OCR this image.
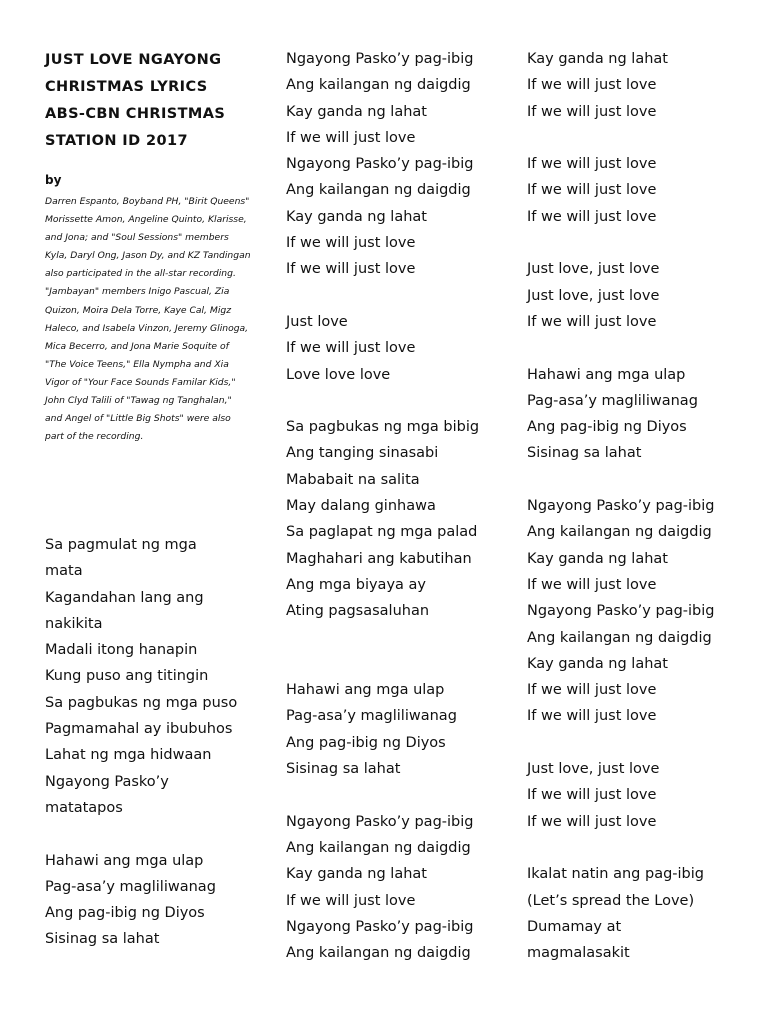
JUST LOVE NGAYONG
CHRISTMAS LYRICS
ABS-CBN CHRISTMAS
STATION ID 2017

by

Darren Espanto, Boyband PH, "Birit Queens" Morissette Amon, Angeline Quinto, Klarisse, and Jona; and "Soul Sessions" members Kyla, Daryl Ong, Jason Dy, and KZ Tandingan also participated in the all-star recording. "Jambayan" members Inigo Pascual, Zia Quizon, Moira Dela Torre, Kaye Cal, Migz Haleco, and Isabela Vinzon, Jeremy Glinoga, Mica Becerro, and Jona Marie Soquite of "The Voice Teens," Ella Nympha and Xia Vigor of "Your Face Sounds Familar Kids," John Clyd Talili of "Tawag ng Tanghalan," and Angel of "Little Big Shots" were also part of the recording.

Sa pagmulat ng mga
mata
Kagandahan lang ang
nakikita
Madali itong hanapin
Kung puso ang titingin
Sa pagbukas ng mga puso
Pagmamahal ay ibubuhos
Lahat ng mga hidwaan
Ngayong Pasko’y
matatapos
Hahawi ang mga ulap
Pag-asa’y magliliwanag
Ang pag-ibig ng Diyos
Sisinag sa lahat
Ngayong Pasko’y pag-ibig
Ang kailangan ng daigdig
Kay ganda ng lahat
If we will just love
Ngayong Pasko’y pag-ibig
Ang kailangan ng daigdig
Kay ganda ng lahat
If we will just love
If we will just love
Just love
If we will just love
Love love love
Sa pagbukas ng mga bibig
Ang tanging sinasabi
Mababait na salita
May dalang ginhawa
Sa paglapat ng mga palad
Maghahari ang kabutihan
Ang mga biyaya ay
Ating pagsasaluhan
Hahawi ang mga ulap
Pag-asa’y magliliwanag
Ang pag-ibig ng Diyos
Sisinag sa lahat
Ngayong Pasko’y pag-ibig
Ang kailangan ng daigdig
Kay ganda ng lahat
If we will just love
Ngayong Pasko’y pag-ibig
Ang kailangan ng daigdig
Kay ganda ng lahat
If we will just love
If we will just love
If we will just love
If we will just love
If we will just love
Just love, just love
Just love, just love
If we will just love
Hahawi ang mga ulap
Pag-asa’y magliliwanag
Ang pag-ibig ng Diyos
Sisinag sa lahat
Ngayong Pasko’y pag-ibig
Ang kailangan ng daigdig
Kay ganda ng lahat
If we will just love
Ngayong Pasko’y pag-ibig
Ang kailangan ng daigdig
Kay ganda ng lahat
If we will just love
If we will just love
Just love, just love
If we will just love
If we will just love
Ikalat natin ang pag-ibig
(Let’s spread the Love)
Dumamay at
magmalasakit
